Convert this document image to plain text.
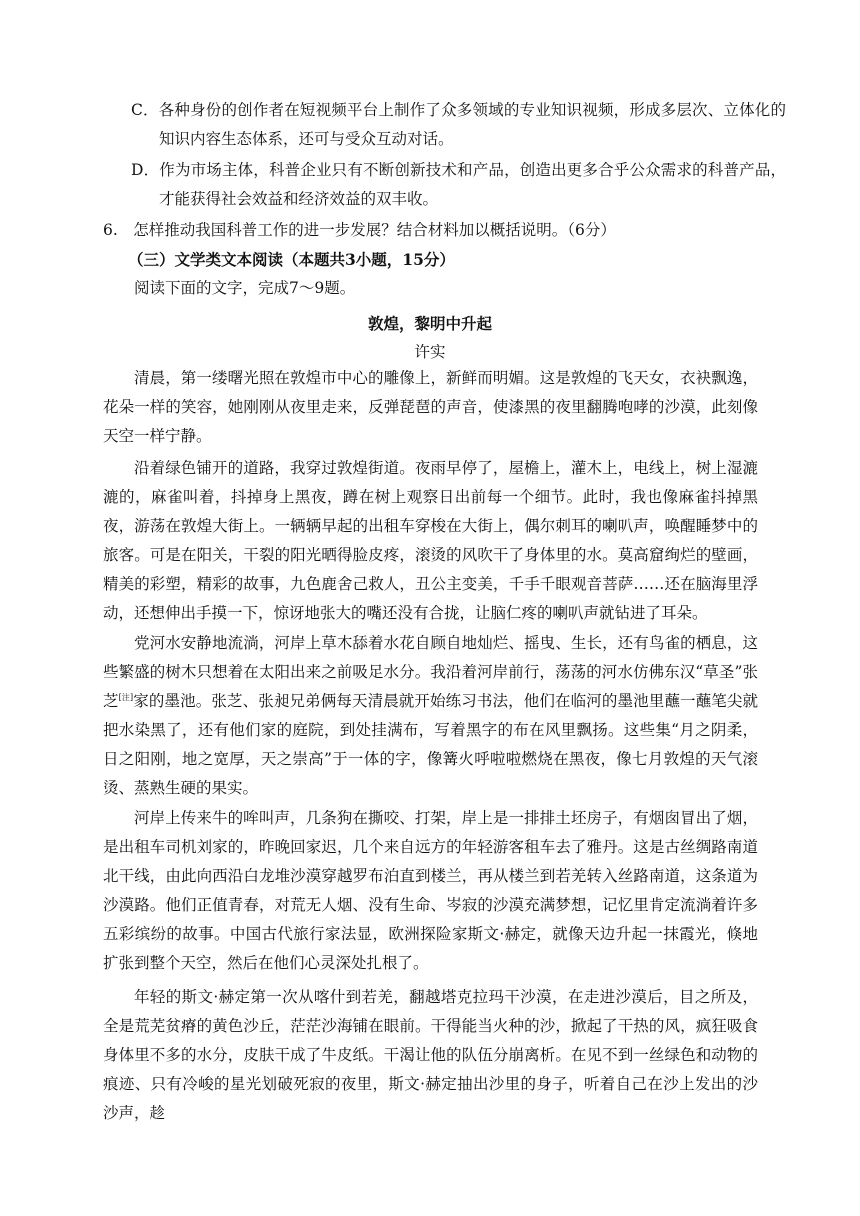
C．各种身份的创作者在短视频平台上制作了众多领域的专业知识视频，形成多层次、立体化的知识内容生态体系，还可与受众互动对话。

D．作为市场主体，科普企业只有不断创新技术和产品，创造出更多合乎公众需求的科普产品，才能获得社会效益和经济效益的双丰收。

6.　怎样推动我国科普工作的进一步发展？结合材料加以概括说明。（6分）

（三）文学类文本阅读（本题共3小题，15分）

阅读下面的文字，完成7～9题。

敦煌，黎明中升起
许实

清晨，第一缕曙光照在敦煌市中心的雕像上，新鲜而明媚。这是敦煌的飞天女，衣袂飘逸，花朵一样的笑容，她刚刚从夜里走来，反弹琵琶的声音，使漆黑的夜里翻腾咆哮的沙漠，此刻像天空一样宁静。

沿着绿色铺开的道路，我穿过敦煌街道。夜雨早停了，屋檐上，灌木上，电线上，树上湿漉漉的，麻雀叫着，抖掉身上黑夜，蹲在树上观察日出前每一个细节。此时，我也像麻雀抖掉黑夜，游荡在敦煌大街上。一辆辆早起的出租车穿梭在大街上，偶尔刺耳的喇叭声，唤醒睡梦中的旅客。可是在阳关，干裂的阳光晒得脸皮疼，滚烫的风吹干了身体里的水。莫高窟绚烂的壁画，精美的彩塑，精彩的故事，九色鹿舍己救人，丑公主变美，千手千眼观音菩萨……还在脑海里浮动，还想伸出手摸一下，惊讶地张大的嘴还没有合拢，让脑仁疼的喇叭声就钻进了耳朵。

党河水安静地流淌，河岸上草木舔着水花自顾自地灿烂、摇曳、生长，还有鸟雀的栖息，这些繁盛的树木只想着在太阳出来之前吸足水分。我沿着河岸前行，荡荡的河水仿佛东汉“草圣”张芝[注]家的墨池。张芝、张昶兄弟俩每天清晨就开始练习书法，他们在临河的墨池里蘸一蘸笔尖就把水染黑了，还有他们家的庭院，到处挂满布，写着黑字的布在风里飘扬。这些集“月之阴柔，日之阳刚，地之宽厚，天之崇高”于一体的字，像篝火呼啦啦燃烧在黑夜，像七月敦煌的天气滚烫、蒸熟生硬的果实。

河岸上传来牛的哞叫声，几条狗在撕咬、打架，岸上是一排排土坯房子，有烟囱冒出了烟，是出租车司机刘家的，昨晚回家迟，几个来自远方的年轻游客租车去了雅丹。这是古丝绸路南道北干线，由此向西沿白龙堆沙漠穿越罗布泊直到楼兰，再从楼兰到若羌转入丝路南道，这条道为沙漠路。他们正值青春，对荒无人烟、没有生命、岑寂的沙漠充满梦想，记忆里肯定流淌着许多五彩缤纷的故事。中国古代旅行家法显，欧洲探险家斯文·赫定，就像天边升起一抹霞光，倏地扩张到整个天空，然后在他们心灵深处扎根了。

年轻的斯文·赫定第一次从喀什到若羌，翻越塔克拉玛干沙漠，在走进沙漠后，目之所及，全是荒芜贫瘠的黄色沙丘，茫茫沙海铺在眼前。干得能当火种的沙，掀起了干热的风，疯狂吸食身体里不多的水分，皮肤干成了牛皮纸。干渴让他的队伍分崩离析。在见不到一丝绿色和动物的痕迹、只有冷峻的星光划破死寂的夜里，斯文·赫定抽出沙里的身子，听着自己在沙上发出的沙沙声，趁
